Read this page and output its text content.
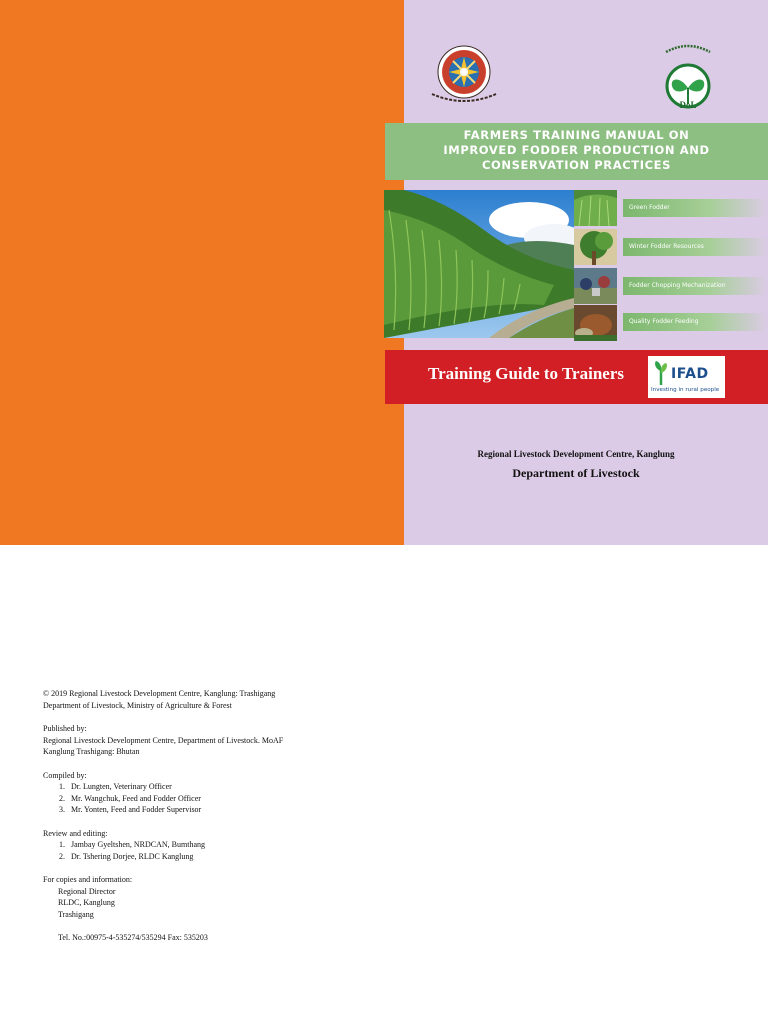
DoL
FARMERS TRAINING MANUAL ON
IMPROVED FODDER PRODUCTION AND
CONSERVATION PRACTICES
Green Fodder
Winter Fodder Resources
Fodder Chopping Mechanization
Quality Fodder Feeding
Training Guide to Trainers	IFAD
Investing in rural people
Regional Livestock Development Centre, Kanglung
Department of Livestock

© 2019 Regional Livestock Development Centre, Kanglung: Trashigang

Department of Livestock, Ministry of Agriculture & Forest

Published by:

Regional Livestock Development Centre, Department of Livestock. MoAF

Kanglung Trashigang: Bhutan

Compiled by:

1. Dr. Lungten, Veterinary Officer
2. Mr. Wangchuk, Feed and Fodder Officer
3. Mr. Yonten, Feed and Fodder Supervisor

Review and editing:

1. Jambay Gyeltshen, NRDCAN, Bumthang
2. Dr. Tshering Dorjee, RLDC Kanglung

For copies and information:

Regional Director

RLDC, Kanglung

Trashigang

Tel. No.:00975-4-535274/535294 Fax: 535203
